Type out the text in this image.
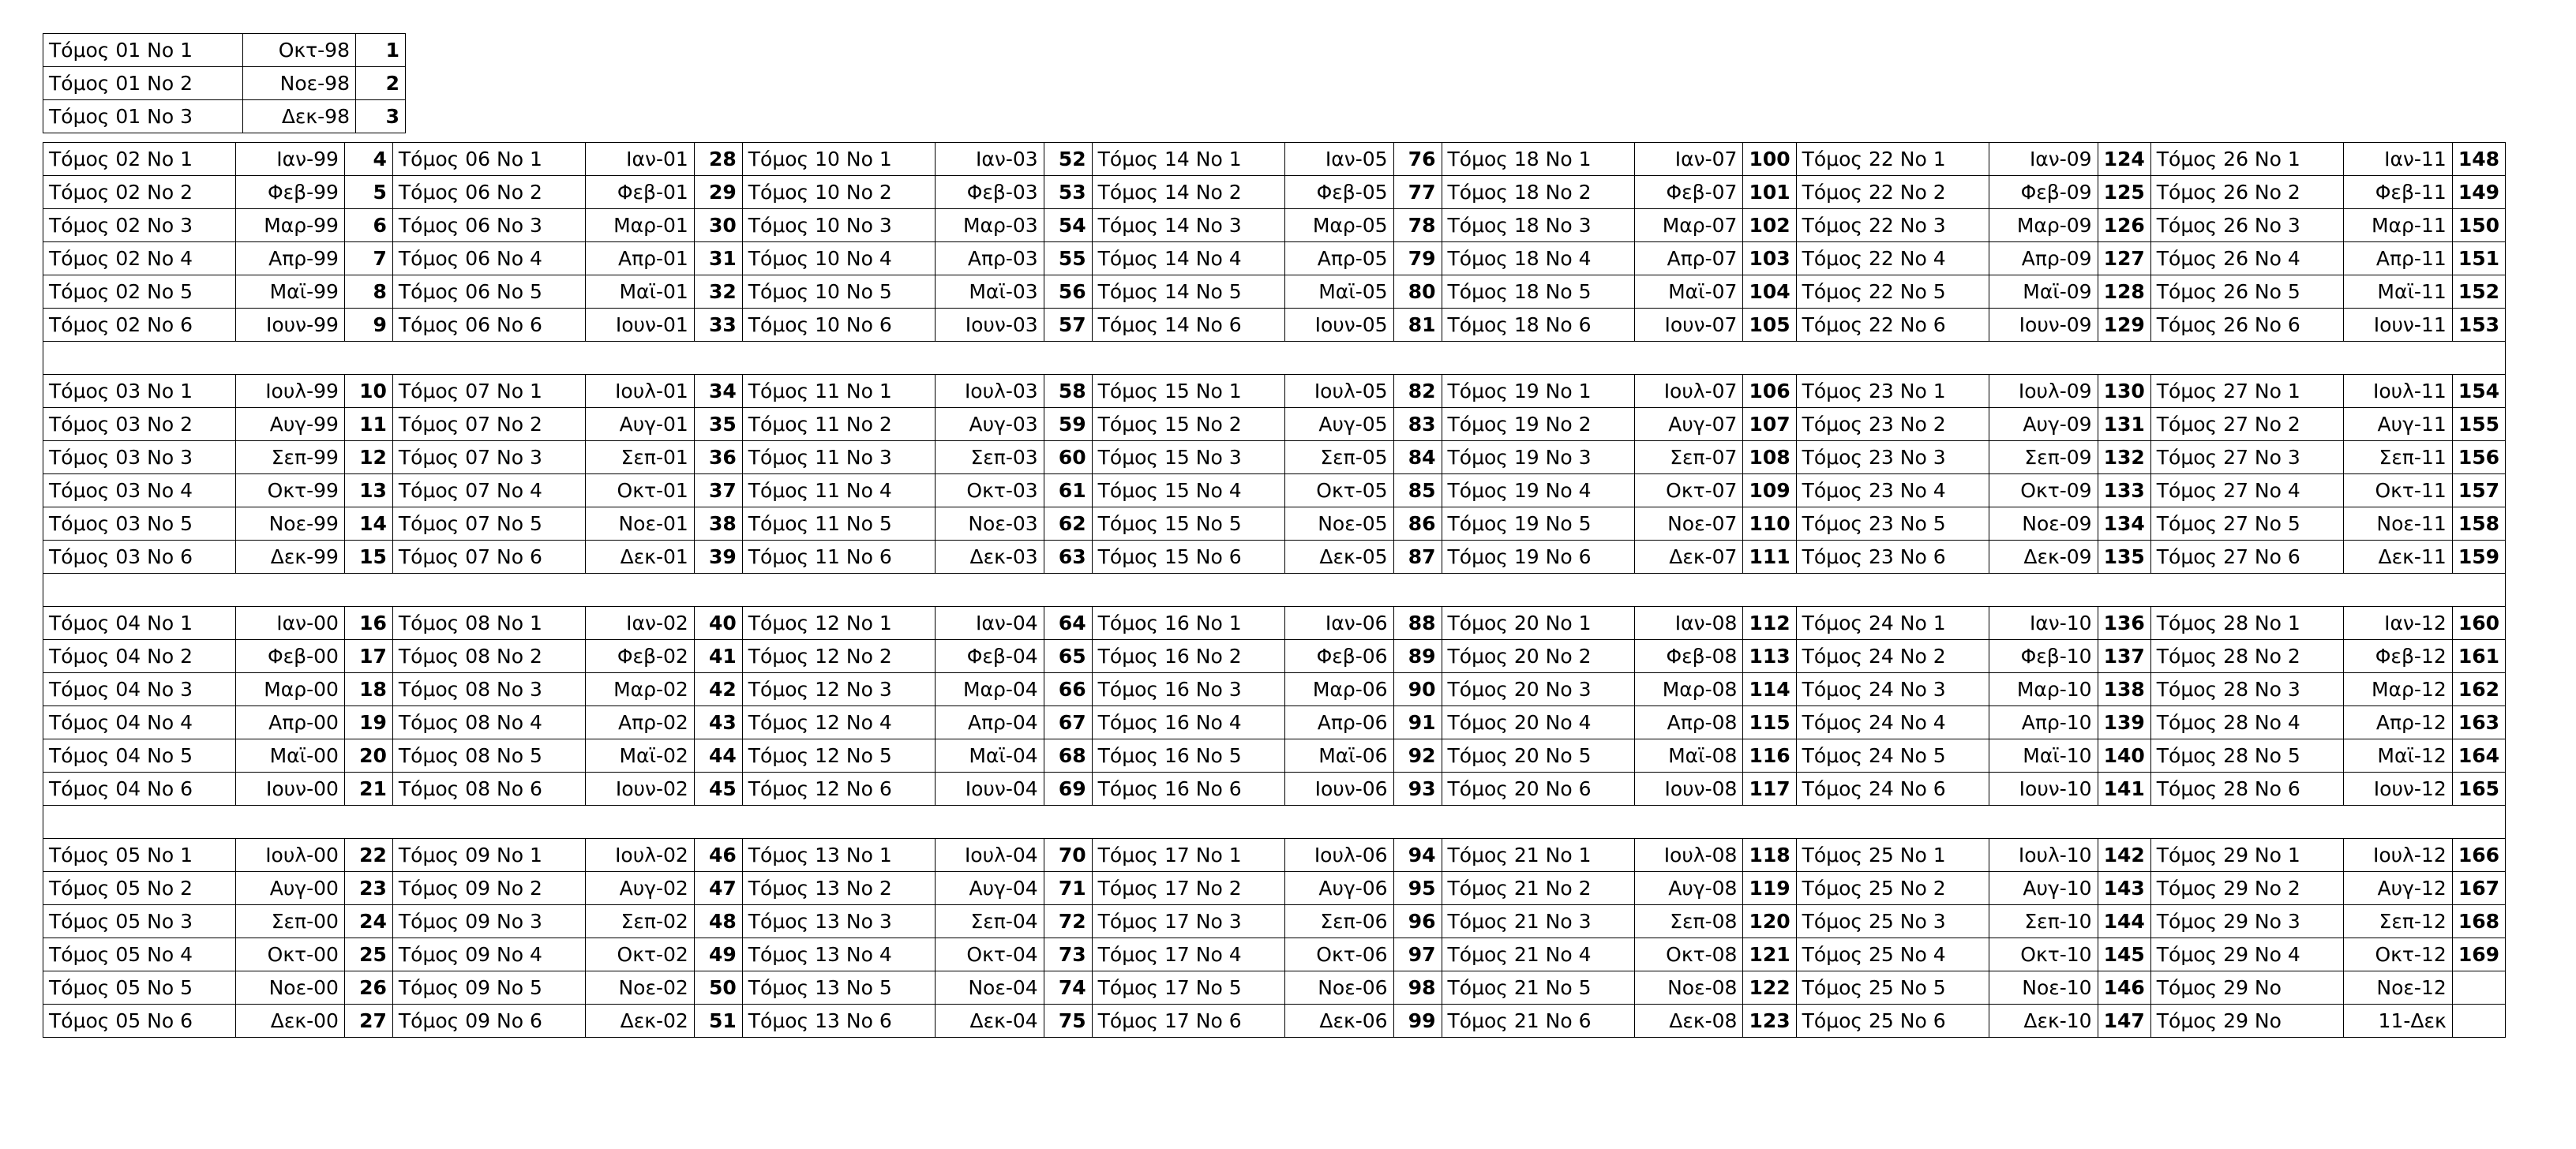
Τόμος 01 Νο 1	Οκτ-98	1
Τόμος 01 Νο 2	Νοε-98	2
Τόμος 01 Νο 3	Δεκ-98	3
Τόμος 02 Νο 1	Ιαν-99	4	Τόμος 06 Νο 1	Ιαν-01	28	Τόμος 10 Νο 1	Ιαν-03	52	Τόμος 14 Νο 1	Ιαν-05	76	Τόμος 18 Νο 1	Ιαν-07	100	Τόμος 22 Νο 1	Ιαν-09	124	Τόμος 26 Νο 1	Ιαν-11	148
Τόμος 02 Νο 2	Φεβ-99	5	Τόμος 06 Νο 2	Φεβ-01	29	Τόμος 10 Νο 2	Φεβ-03	53	Τόμος 14 Νο 2	Φεβ-05	77	Τόμος 18 Νο 2	Φεβ-07	101	Τόμος 22 Νο 2	Φεβ-09	125	Τόμος 26 Νο 2	Φεβ-11	149
Τόμος 02 Νο 3	Μαρ-99	6	Τόμος 06 Νο 3	Μαρ-01	30	Τόμος 10 Νο 3	Μαρ-03	54	Τόμος 14 Νο 3	Μαρ-05	78	Τόμος 18 Νο 3	Μαρ-07	102	Τόμος 22 Νο 3	Μαρ-09	126	Τόμος 26 Νο 3	Μαρ-11	150
Τόμος 02 Νο 4	Απρ-99	7	Τόμος 06 Νο 4	Απρ-01	31	Τόμος 10 Νο 4	Απρ-03	55	Τόμος 14 Νο 4	Απρ-05	79	Τόμος 18 Νο 4	Απρ-07	103	Τόμος 22 Νο 4	Απρ-09	127	Τόμος 26 Νο 4	Απρ-11	151
Τόμος 02 Νο 5	Μαϊ-99	8	Τόμος 06 Νο 5	Μαϊ-01	32	Τόμος 10 Νο 5	Μαϊ-03	56	Τόμος 14 Νο 5	Μαϊ-05	80	Τόμος 18 Νο 5	Μαϊ-07	104	Τόμος 22 Νο 5	Μαϊ-09	128	Τόμος 26 Νο 5	Μαϊ-11	152
Τόμος 02 Νο 6	Ιουν-99	9	Τόμος 06 Νο 6	Ιουν-01	33	Τόμος 10 Νο 6	Ιουν-03	57	Τόμος 14 Νο 6	Ιουν-05	81	Τόμος 18 Νο 6	Ιουν-07	105	Τόμος 22 Νο 6	Ιουν-09	129	Τόμος 26 Νο 6	Ιουν-11	153

Τόμος 03 Νο 1	Ιουλ-99	10	Τόμος 07 Νο 1	Ιουλ-01	34	Τόμος 11 Νο 1	Ιουλ-03	58	Τόμος 15 Νο 1	Ιουλ-05	82	Τόμος 19 Νο 1	Ιουλ-07	106	Τόμος 23 Νο 1	Ιουλ-09	130	Τόμος 27 Νο 1	Ιουλ-11	154
Τόμος 03 Νο 2	Αυγ-99	11	Τόμος 07 Νο 2	Αυγ-01	35	Τόμος 11 Νο 2	Αυγ-03	59	Τόμος 15 Νο 2	Αυγ-05	83	Τόμος 19 Νο 2	Αυγ-07	107	Τόμος 23 Νο 2	Αυγ-09	131	Τόμος 27 Νο 2	Αυγ-11	155
Τόμος 03 Νο 3	Σεπ-99	12	Τόμος 07 Νο 3	Σεπ-01	36	Τόμος 11 Νο 3	Σεπ-03	60	Τόμος 15 Νο 3	Σεπ-05	84	Τόμος 19 Νο 3	Σεπ-07	108	Τόμος 23 Νο 3	Σεπ-09	132	Τόμος 27 Νο 3	Σεπ-11	156
Τόμος 03 Νο 4	Οκτ-99	13	Τόμος 07 Νο 4	Οκτ-01	37	Τόμος 11 Νο 4	Οκτ-03	61	Τόμος 15 Νο 4	Οκτ-05	85	Τόμος 19 Νο 4	Οκτ-07	109	Τόμος 23 Νο 4	Οκτ-09	133	Τόμος 27 Νο 4	Οκτ-11	157
Τόμος 03 Νο 5	Νοε-99	14	Τόμος 07 Νο 5	Νοε-01	38	Τόμος 11 Νο 5	Νοε-03	62	Τόμος 15 Νο 5	Νοε-05	86	Τόμος 19 Νο 5	Νοε-07	110	Τόμος 23 Νο 5	Νοε-09	134	Τόμος 27 Νο 5	Νοε-11	158
Τόμος 03 Νο 6	Δεκ-99	15	Τόμος 07 Νο 6	Δεκ-01	39	Τόμος 11 Νο 6	Δεκ-03	63	Τόμος 15 Νο 6	Δεκ-05	87	Τόμος 19 Νο 6	Δεκ-07	111	Τόμος 23 Νο 6	Δεκ-09	135	Τόμος 27 Νο 6	Δεκ-11	159

Τόμος 04 Νο 1	Ιαν-00	16	Τόμος 08 Νο 1	Ιαν-02	40	Τόμος 12 Νο 1	Ιαν-04	64	Τόμος 16 Νο 1	Ιαν-06	88	Τόμος 20 Νο 1	Ιαν-08	112	Τόμος 24 Νο 1	Ιαν-10	136	Τόμος 28 Νο 1	Ιαν-12	160
Τόμος 04 Νο 2	Φεβ-00	17	Τόμος 08 Νο 2	Φεβ-02	41	Τόμος 12 Νο 2	Φεβ-04	65	Τόμος 16 Νο 2	Φεβ-06	89	Τόμος 20 Νο 2	Φεβ-08	113	Τόμος 24 Νο 2	Φεβ-10	137	Τόμος 28 Νο 2	Φεβ-12	161
Τόμος 04 Νο 3	Μαρ-00	18	Τόμος 08 Νο 3	Μαρ-02	42	Τόμος 12 Νο 3	Μαρ-04	66	Τόμος 16 Νο 3	Μαρ-06	90	Τόμος 20 Νο 3	Μαρ-08	114	Τόμος 24 Νο 3	Μαρ-10	138	Τόμος 28 Νο 3	Μαρ-12	162
Τόμος 04 Νο 4	Απρ-00	19	Τόμος 08 Νο 4	Απρ-02	43	Τόμος 12 Νο 4	Απρ-04	67	Τόμος 16 Νο 4	Απρ-06	91	Τόμος 20 Νο 4	Απρ-08	115	Τόμος 24 Νο 4	Απρ-10	139	Τόμος 28 Νο 4	Απρ-12	163
Τόμος 04 Νο 5	Μαϊ-00	20	Τόμος 08 Νο 5	Μαϊ-02	44	Τόμος 12 Νο 5	Μαϊ-04	68	Τόμος 16 Νο 5	Μαϊ-06	92	Τόμος 20 Νο 5	Μαϊ-08	116	Τόμος 24 Νο 5	Μαϊ-10	140	Τόμος 28 Νο 5	Μαϊ-12	164
Τόμος 04 Νο 6	Ιουν-00	21	Τόμος 08 Νο 6	Ιουν-02	45	Τόμος 12 Νο 6	Ιουν-04	69	Τόμος 16 Νο 6	Ιουν-06	93	Τόμος 20 Νο 6	Ιουν-08	117	Τόμος 24 Νο 6	Ιουν-10	141	Τόμος 28 Νο 6	Ιουν-12	165

Τόμος 05 Νο 1	Ιουλ-00	22	Τόμος 09 Νο 1	Ιουλ-02	46	Τόμος 13 Νο 1	Ιουλ-04	70	Τόμος 17 Νο 1	Ιουλ-06	94	Τόμος 21 Νο 1	Ιουλ-08	118	Τόμος 25 Νο 1	Ιουλ-10	142	Τόμος 29 Νο 1	Ιουλ-12	166
Τόμος 05 Νο 2	Αυγ-00	23	Τόμος 09 Νο 2	Αυγ-02	47	Τόμος 13 Νο 2	Αυγ-04	71	Τόμος 17 Νο 2	Αυγ-06	95	Τόμος 21 Νο 2	Αυγ-08	119	Τόμος 25 Νο 2	Αυγ-10	143	Τόμος 29 Νο 2	Αυγ-12	167
Τόμος 05 Νο 3	Σεπ-00	24	Τόμος 09 Νο 3	Σεπ-02	48	Τόμος 13 Νο 3	Σεπ-04	72	Τόμος 17 Νο 3	Σεπ-06	96	Τόμος 21 Νο 3	Σεπ-08	120	Τόμος 25 Νο 3	Σεπ-10	144	Τόμος 29 Νο 3	Σεπ-12	168
Τόμος 05 Νο 4	Οκτ-00	25	Τόμος 09 Νο 4	Οκτ-02	49	Τόμος 13 Νο 4	Οκτ-04	73	Τόμος 17 Νο 4	Οκτ-06	97	Τόμος 21 Νο 4	Οκτ-08	121	Τόμος 25 Νο 4	Οκτ-10	145	Τόμος 29 Νο 4	Οκτ-12	169
Τόμος 05 Νο 5	Νοε-00	26	Τόμος 09 Νο 5	Νοε-02	50	Τόμος 13 Νο 5	Νοε-04	74	Τόμος 17 Νο 5	Νοε-06	98	Τόμος 21 Νο 5	Νοε-08	122	Τόμος 25 Νο 5	Νοε-10	146	Τόμος 29 Νο	Νοε-12	
Τόμος 05 Νο 6	Δεκ-00	27	Τόμος 09 Νο 6	Δεκ-02	51	Τόμος 13 Νο 6	Δεκ-04	75	Τόμος 17 Νο 6	Δεκ-06	99	Τόμος 21 Νο 6	Δεκ-08	123	Τόμος 25 Νο 6	Δεκ-10	147	Τόμος 29 Νο	11-Δεκ	
